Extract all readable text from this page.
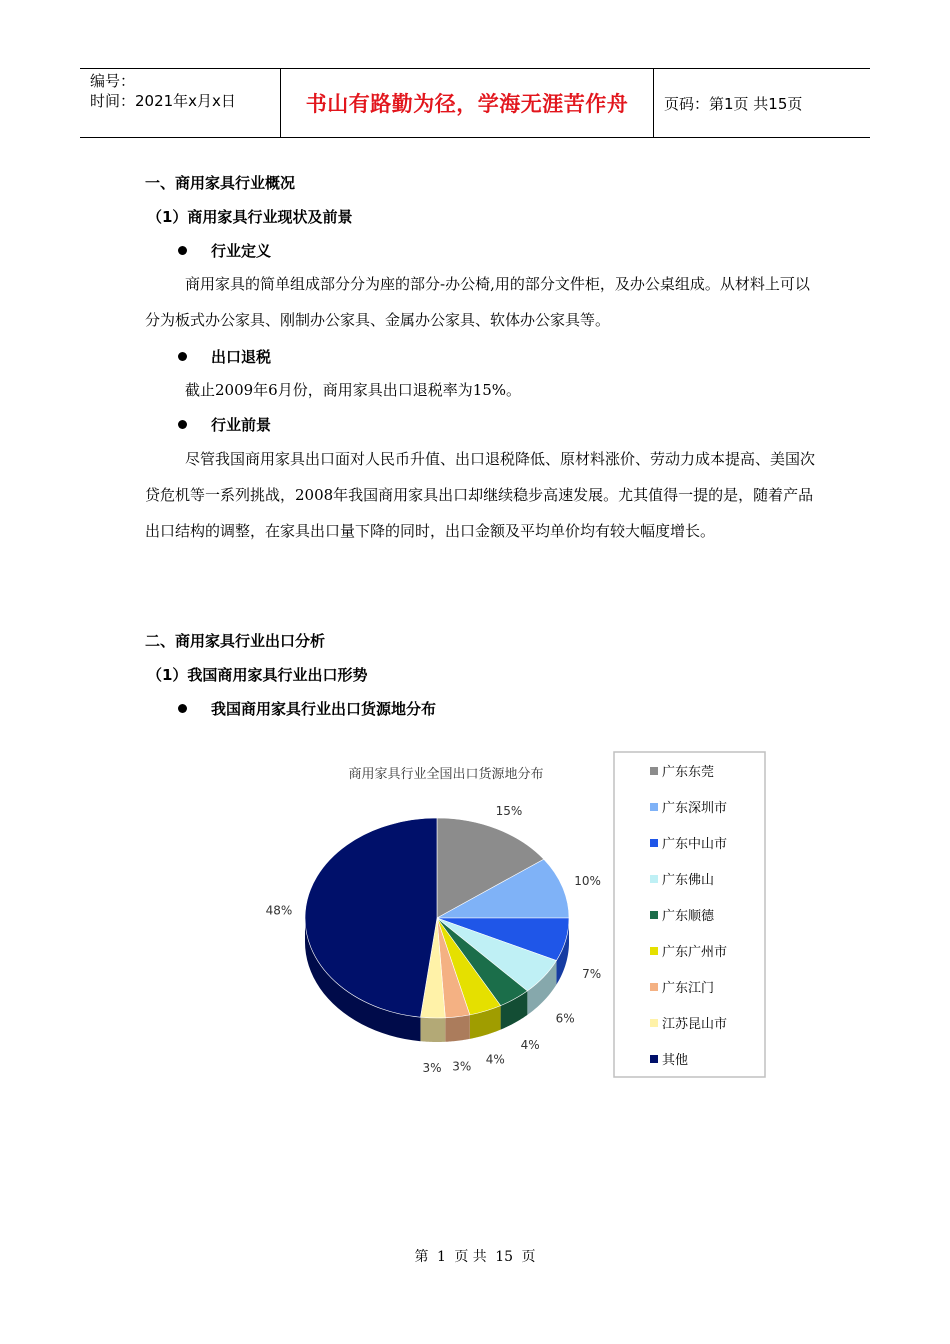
编号：
时间：2021年x月x日	书山有路勤为径，学海无涯苦作舟	页码：第1页 共15页
一、商用家具行业概况
（1）商用家具行业现状及前景
行业定义
商用家具的简单组成部分分为座的部分-办公椅,用的部分文件柜，及办公桌组成。从材料上可以分为板式办公家具、刚制办公家具、金属办公家具、软体办公家具等。
出口退税
截止2009年6月份，商用家具出口退税率为15%。
行业前景
尽管我国商用家具出口面对人民币升值、出口退税降低、原材料涨价、劳动力成本提高、美国次贷危机等一系列挑战，2008年我国商用家具出口却继续稳步高速发展。尤其值得一提的是，随着产品出口结构的调整，在家具出口量下降的同时，出口金额及平均单价均有较大幅度增长。
二、商用家具行业出口分析
（1）我国商用家具行业出口形势
我国商用家具行业出口货源地分布
商用家具行业全国出口货源地分布
15%
10%
7%
6%
4%
4%
3%
3%
48%
广东东莞
广东深圳市
广东中山市
广东佛山
广东顺德
广东广州市
广东江门
江苏昆山市
其他
第 1 页 共 15 页
